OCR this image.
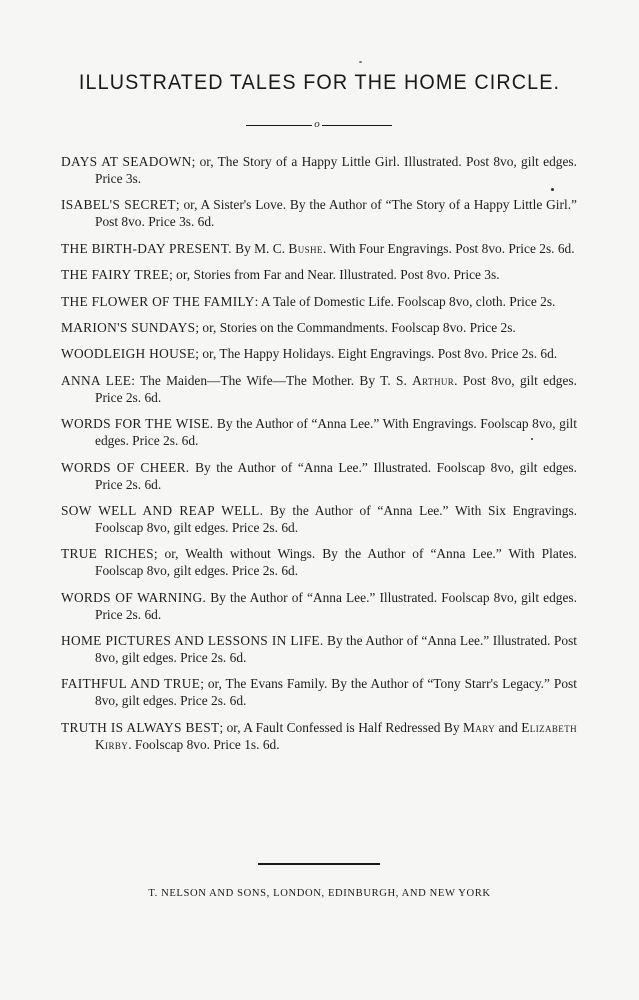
ILLUSTRATED TALES FOR THE HOME CIRCLE.
o
DAYS AT SEADOWN; or, The Story of a Happy Little Girl. Illustrated. Post 8vo, gilt edges. Price 3s.
ISABEL'S SECRET; or, A Sister's Love. By the Author of “The Story of a Happy Little Girl.” Post 8vo. Price 3s. 6d.
THE BIRTH-DAY PRESENT. By M. C. Bushe. With Four Engravings. Post 8vo. Price 2s. 6d.
THE FAIRY TREE; or, Stories from Far and Near. Illustrated. Post 8vo. Price 3s.
THE FLOWER OF THE FAMILY: A Tale of Domestic Life. Foolscap 8vo, cloth. Price 2s.
MARION'S SUNDAYS; or, Stories on the Commandments. Foolscap 8vo. Price 2s.
WOODLEIGH HOUSE; or, The Happy Holidays. Eight Engravings. Post 8vo. Price 2s. 6d.
ANNA LEE: The Maiden—The Wife—The Mother. By T. S. Arthur. Post 8vo, gilt edges. Price 2s. 6d.
WORDS FOR THE WISE. By the Author of “Anna Lee.” With Engravings. Foolscap 8vo, gilt edges. Price 2s. 6d.
WORDS OF CHEER. By the Author of “Anna Lee.” Illustrated. Foolscap 8vo, gilt edges. Price 2s. 6d.
SOW WELL AND REAP WELL. By the Author of “Anna Lee.” With Six Engravings. Foolscap 8vo, gilt edges. Price 2s. 6d.
TRUE RICHES; or, Wealth without Wings. By the Author of “Anna Lee.” With Plates. Foolscap 8vo, gilt edges. Price 2s. 6d.
WORDS OF WARNING. By the Author of “Anna Lee.” Illustrated. Foolscap 8vo, gilt edges. Price 2s. 6d.
HOME PICTURES AND LESSONS IN LIFE. By the Author of “Anna Lee.” Illustrated. Post 8vo, gilt edges. Price 2s. 6d.
FAITHFUL AND TRUE; or, The Evans Family. By the Author of “Tony Starr's Legacy.” Post 8vo, gilt edges. Price 2s. 6d.
TRUTH IS ALWAYS BEST; or, A Fault Confessed is Half Redressed By Mary and Elizabeth Kirby. Foolscap 8vo. Price 1s. 6d.
T. NELSON AND SONS, LONDON, EDINBURGH, AND NEW YORK
